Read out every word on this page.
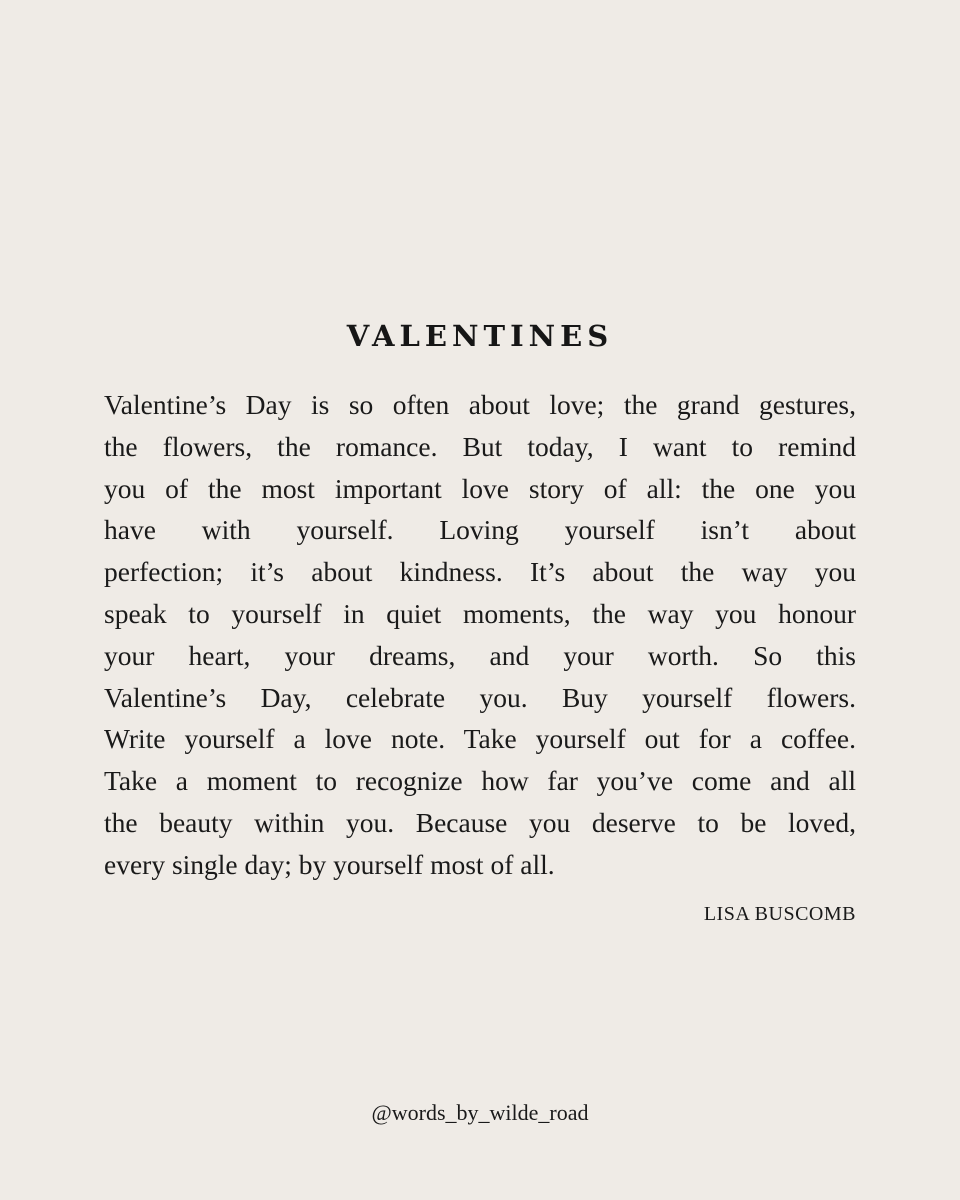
VALENTINES
Valentine’s Day is so often about love; the grand gestures,
the flowers, the romance. But today, I want to remind
you of the most important love story of all: the one you
have with yourself. Loving yourself isn’t about
perfection; it’s about kindness. It’s about the way you
speak to yourself in quiet moments, the way you honour
your heart, your dreams, and your worth. So this
Valentine’s Day, celebrate you. Buy yourself flowers.
Write yourself a love note. Take yourself out for a coffee.
Take a moment to recognize how far you’ve come and all
the beauty within you. Because you deserve to be loved,
every single day; by yourself most of all.
LISA BUSCOMB
@words_by_wilde_road
